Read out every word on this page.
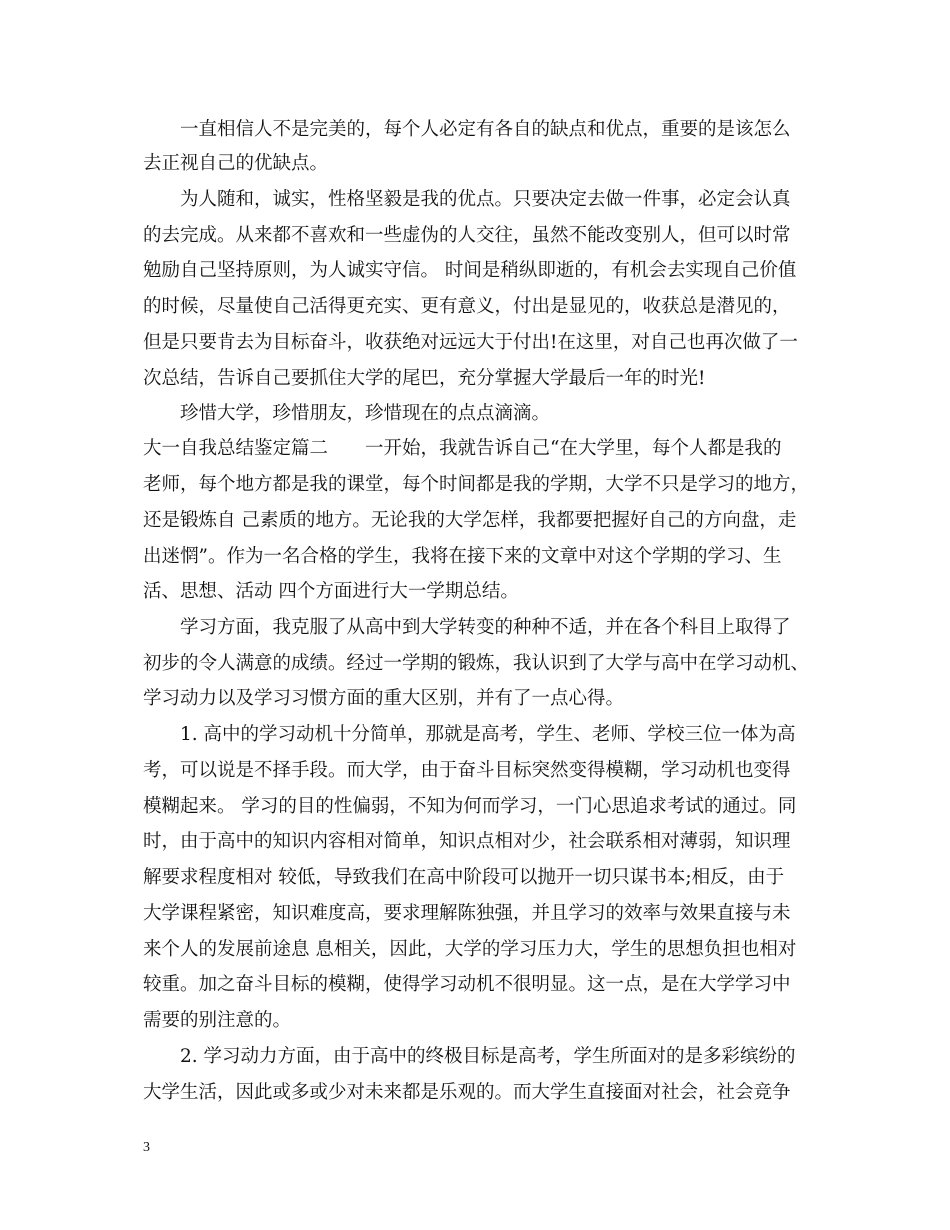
一直相信人不是完美的，每个人必定有各自的缺点和优点，重要的是该怎么
去正视自己的优缺点。
为人随和，诚实，性格坚毅是我的优点。只要决定去做一件事，必定会认真
的去完成。从来都不喜欢和一些虚伪的人交往，虽然不能改变别人，但可以时常
勉励自己坚持原则，为人诚实守信。 时间是稍纵即逝的，有机会去实现自己价值
的时候，尽量使自己活得更充实、更有意义，付出是显见的，收获总是潜见的，
但是只要肯去为目标奋斗，收获绝对远远大于付出!在这里，对自己也再次做了一
次总结，告诉自己要抓住大学的尾巴，充分掌握大学最后一年的时光!
珍惜大学，珍惜朋友，珍惜现在的点点滴滴。
大一自我总结鉴定篇二　　一开始，我就告诉自己“在大学里，每个人都是我的
老师，每个地方都是我的课堂，每个时间都是我的学期，大学不只是学习的地方，
还是锻炼自 己素质的地方。无论我的大学怎样，我都要把握好自己的方向盘，走
出迷惘”。作为一名合格的学生，我将在接下来的文章中对这个学期的学习、生
活、思想、活动 四个方面进行大一学期总结。
学习方面，我克服了从高中到大学转变的种种不适，并在各个科目上取得了
初步的令人满意的成绩。经过一学期的锻炼，我认识到了大学与高中在学习动机、
学习动力以及学习习惯方面的重大区别，并有了一点心得。
1. 高中的学习动机十分简单，那就是高考，学生、老师、学校三位一体为高
考，可以说是不择手段。而大学，由于奋斗目标突然变得模糊，学习动机也变得
模糊起来。 学习的目的性偏弱，不知为何而学习，一门心思追求考试的通过。同
时，由于高中的知识内容相对简单，知识点相对少，社会联系相对薄弱，知识理
解要求程度相对 较低，导致我们在高中阶段可以抛开一切只谋书本;相反，由于
大学课程紧密，知识难度高，要求理解陈独强，并且学习的效率与效果直接与未
来个人的发展前途息 息相关，因此，大学的学习压力大，学生的思想负担也相对
较重。加之奋斗目标的模糊，使得学习动机不很明显。这一点，是在大学学习中
需要的别注意的。
2. 学习动力方面，由于高中的终极目标是高考，学生所面对的是多彩缤纷的
大学生活，因此或多或少对未来都是乐观的。而大学生直接面对社会，社会竞争
3
